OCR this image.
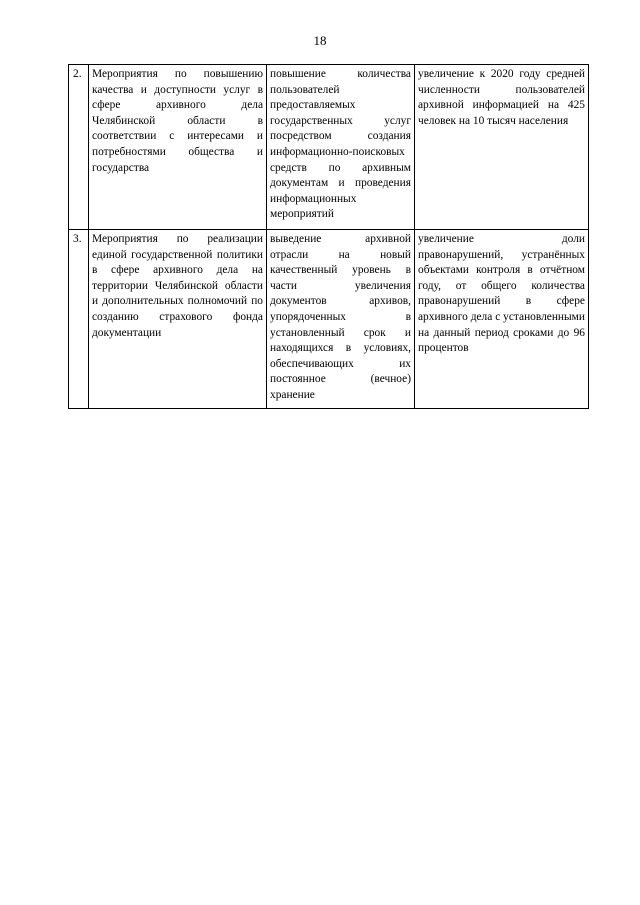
18
2.	Мероприятия по повышению качества и доступности услуг в сфере архивного дела Челябинской области в соответствии с интересами и потребностями общества и государства	повышение количества пользователей предоставляемых государственных услуг посредством создания информационно-поисковых средств по архивным документам и проведения информационных мероприятий	увеличение к 2020 году средней численности пользователей архивной информацией на 425 человек на 10 тысяч населения
3.	Мероприятия по реализации единой государственной политики в сфере архивного дела на территории Челябинской области и дополнительных полномочий по созданию страхового фонда документации	выведение архивной отрасли на новый качественный уровень в части увеличения документов архивов, упорядоченных в установленный срок и находящихся в условиях, обеспечивающих их постоянное (вечное) хранение	увеличение доли правонарушений, устранённых объектами контроля в отчётном году, от общего количества правонарушений в сфере архивного дела с установленными на данный период сроками до 96 процентов
